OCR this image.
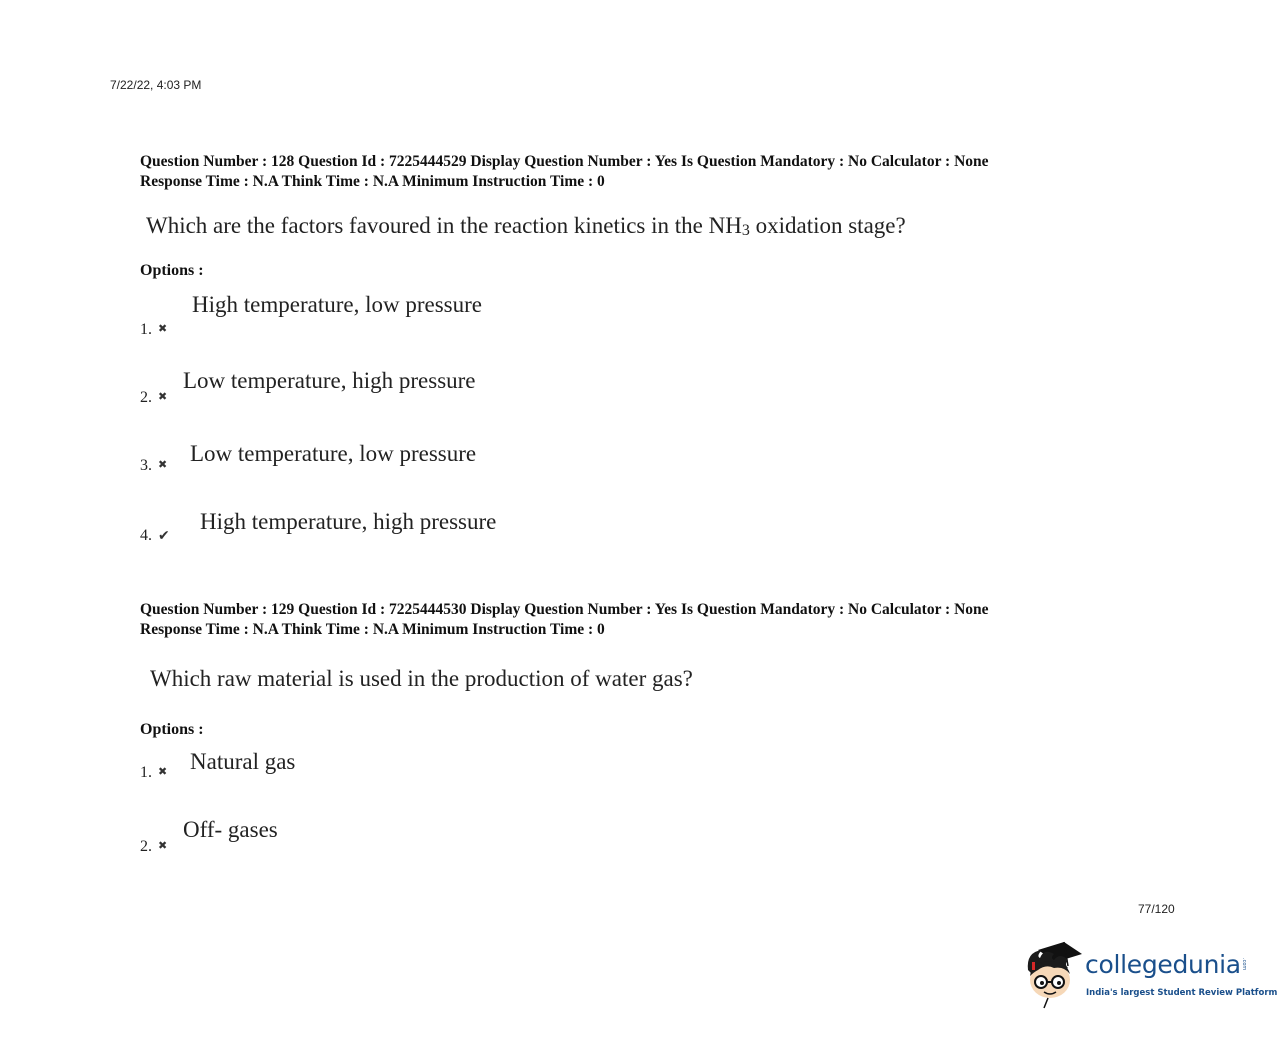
7/22/22, 4:03 PM
Question Number : 128 Question Id : 7225444529 Display Question Number : Yes Is Question Mandatory : No Calculator : None
Response Time : N.A Think Time : N.A Minimum Instruction Time : 0
Which are the factors favoured in the reaction kinetics in the $NH_3$ oxidation stage?
Options :
1. ✖
High temperature, low pressure
2. ✖
Low temperature, high pressure
3. ✖ Low temperature, low pressure
4. ✔
High temperature, high pressure
Question Number : 129 Question Id : 7225444530 Display Question Number : Yes Is Question Mandatory : No Calculator : None
Response Time : N.A Think Time : N.A Minimum Instruction Time : 0
Which raw material is used in the production of water gas?
Options :
1. ✖ Natural gas
2. ✖
Off- gases
77/120
collegedunia .com
India's largest Student Review Platform
